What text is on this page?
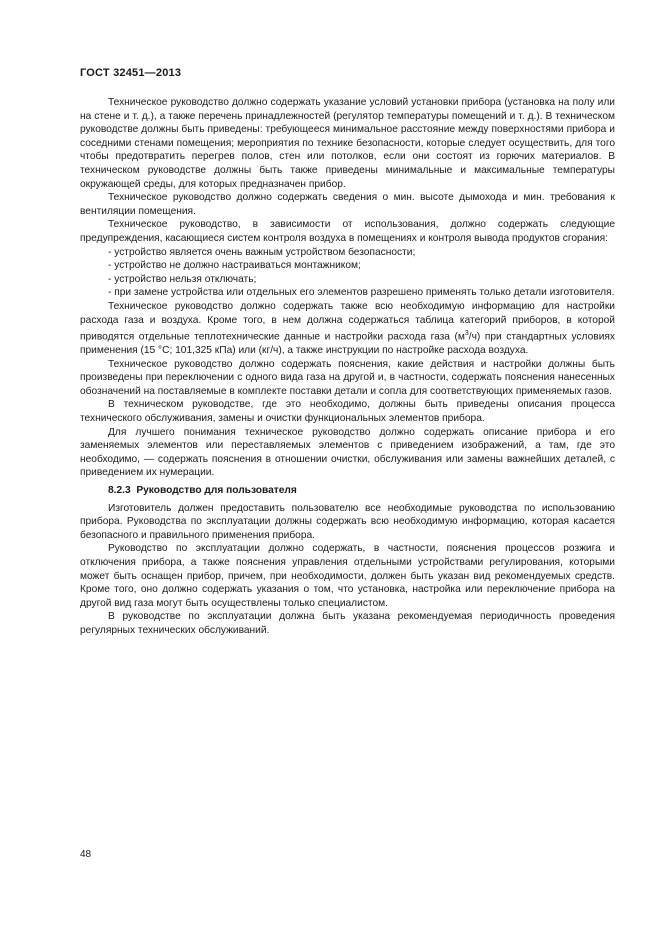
ГОСТ 32451—2013

Техническое руководство должно содержать указание условий установки прибора (установка на полу или на стене и т. д.), а также перечень принадлежностей (регулятор температуры помещений и т. д.). В техническом руководстве должны быть приведены: требующееся минимальное расстояние между поверхностями прибора и соседними стенами помещения; мероприятия по технике безопасности, которые следует осуществить, для того чтобы предотвратить перегрев полов, стен или потолков, если они состоят из горючих материалов. В техническом руководстве должны быть также приведены минимальные и максимальные температуры окружающей среды, для которых предназначен прибор.

Техническое руководство должно содержать сведения о мин. высоте дымохода и мин. требования к вентиляции помещения.

Техническое руководство, в зависимости от использования, должно содержать следующие предупреждения, касающиеся систем контроля воздуха в помещениях и контроля вывода продуктов сгорания:

- устройство является очень важным устройством безопасности;

- устройство не должно настраиваться монтажником;

- устройство нельзя отключать;

- при замене устройства или отдельных его элементов разрешено применять только детали изготовителя.

Техническое руководство должно содержать также всю необходимую информацию для настройки расхода газа и воздуха. Кроме того, в нем должна содержаться таблица категорий приборов, в которой приводятся отдельные теплотехнические данные и настройки расхода газа $(м^3/ч)$ при стандартных условиях применения (15 °С; 101,325 кПа) или (кг/ч), а также инструкции по настройке расхода воздуха.

Техническое руководство должно содержать пояснения, какие действия и настройки должны быть произведены при переключении с одного вида газа на другой и, в частности, содержать пояснения нанесенных обозначений на поставляемые в комплекте поставки детали и сопла для соответствующих применяемых газов.

В техническом руководстве, где это необходимо, должны быть приведены описания процесса технического обслуживания, замены и очистки функциональных элементов прибора.

Для лучшего понимания техническое руководство должно содержать описание прибора и его заменяемых элементов или переставляемых элементов с приведением изображений, а там, где это необходимо, — содержать пояснения в отношении очистки, обслуживания или замены важнейших деталей, с приведением их нумерации.

8.2.3 Руководство для пользователя

Изготовитель должен предоставить пользователю все необходимые руководства по использованию прибора. Руководства по эксплуатации должны содержать всю необходимую информацию, которая касается безопасного и правильного применения прибора.

Руководство по эксплуатации должно содержать, в частности, пояснения процессов розжига и отключения прибора, а также пояснения управления отдельными устройствами регулирования, которыми может быть оснащен прибор, причем, при необходимости, должен быть указан вид рекомендуемых средств. Кроме того, оно должно содержать указания о том, что установка, настройка или переключение прибора на другой вид газа могут быть осуществлены только специалистом.

В руководстве по эксплуатации должна быть указана рекомендуемая периодичность проведения регулярных технических обслуживаний.

48
